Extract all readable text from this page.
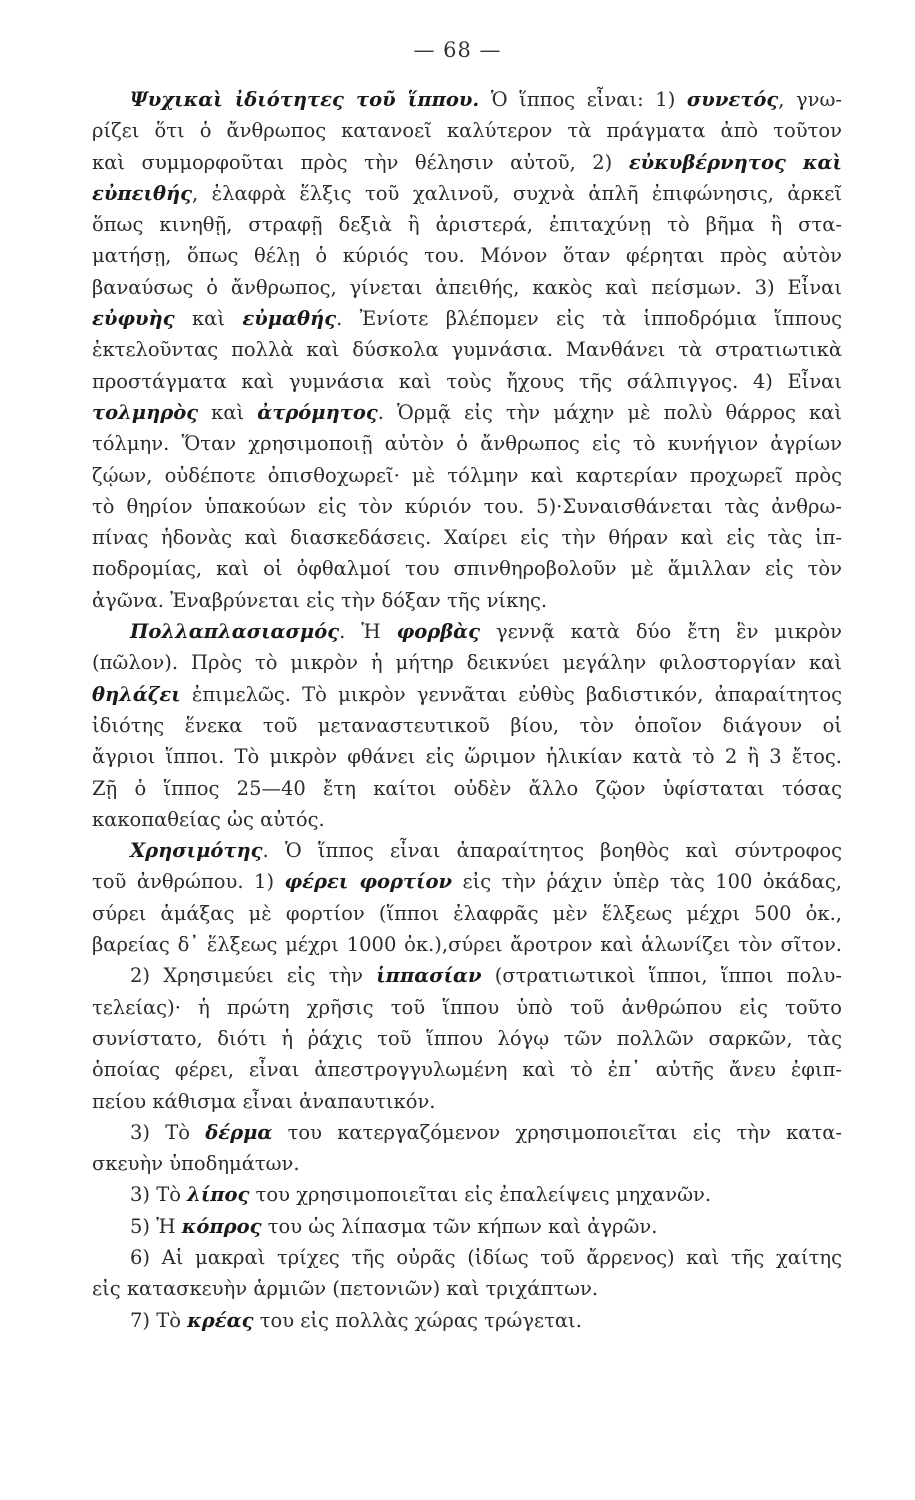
— 68 —
Ψυχικαὶ ἰδιότητες τοῦ ἵππου. Ὁ ἵππος εἶναι: 1) συνετός, γνω-
ρίζει ὅτι ὁ ἄνθρωπος κατανοεῖ καλύτερον τὰ πράγματα ἀπὸ τοῦτον
καὶ συμμορφοῦται πρὸς τὴν θέλησιν αὐτοῦ, 2) εὐκυβέρνητος καὶ
εὐπειθής, ἐλαφρὰ ἕλξις τοῦ χαλινοῦ, συχνὰ ἁπλῆ ἐπιφώνησις, ἀρκεῖ
ὅπως κινηθῇ, στραφῇ δεξιὰ ἢ ἀριστερά, ἐπιταχύνῃ τὸ βῆμα ἢ στα-
ματήσῃ, ὅπως θέλῃ ὁ κύριός του. Μόνον ὅταν φέρηται πρὸς αὐτὸν
βαναύσως ὁ ἄνθρωπος, γίνεται ἀπειθής, κακὸς καὶ πείσμων. 3) Εἶναι
εὐφυὴς καὶ εὐμαθής. Ἐνίοτε βλέπομεν εἰς τὰ ἱπποδρόμια ἵππους
ἐκτελοῦντας πολλὰ καὶ δύσκολα γυμνάσια. Μανθάνει τὰ στρατιωτικὰ
προστάγματα καὶ γυμνάσια καὶ τοὺς ἤχους τῆς σάλπιγγος. 4) Εἶναι
τολμηρὸς καὶ ἀτρόμητος. Ὁρμᾷ εἰς τὴν μάχην μὲ πολὺ θάρρος καὶ
τόλμην. Ὅταν χρησιμοποιῇ αὐτὸν ὁ ἄνθρωπος εἰς τὸ κυνήγιον ἀγρίων
ζῴων, οὐδέποτε ὀπισθοχωρεῖ· μὲ τόλμην καὶ καρτερίαν προχωρεῖ πρὸς
τὸ θηρίον ὑπακούων εἰς τὸν κύριόν του. 5)·Συναισθάνεται τὰς ἀνθρω-
πίνας ἡδονὰς καὶ διασκεδάσεις. Χαίρει εἰς τὴν θήραν καὶ εἰς τὰς ἱπ-
ποδρομίας, καὶ οἱ ὀφθαλμοί του σπινθηροβολοῦν μὲ ἅμιλλαν εἰς τὸν
ἀγῶνα. Ἐναβρύνεται εἰς τὴν δόξαν τῆς νίκης.
Πολλαπλασιασμός. Ἡ φορβὰς γεννᾷ κατὰ δύο ἔτη ἓν μικρὸν
(πῶλον). Πρὸς τὸ μικρὸν ἡ μήτηρ δεικνύει μεγάλην φιλοστοργίαν καὶ
θηλάζει ἐπιμελῶς. Τὸ μικρὸν γεννᾶται εὐθὺς βαδιστικόν, ἀπαραίτητος
ἰδιότης ἕνεκα τοῦ μεταναστευτικοῦ βίου, τὸν ὁποῖον διάγουν οἱ
ἄγριοι ἵπποι. Τὸ μικρὸν φθάνει εἰς ὥριμον ἡλικίαν κατὰ τὸ 2 ἢ 3 ἔτος.
Ζῇ ὁ ἵππος 25—40 ἔτη καίτοι οὐδὲν ἄλλο ζῷον ὑφίσταται τόσας
κακοπαθείας ὡς αὐτός.
Χρησιμότης. Ὁ ἵππος εἶναι ἀπαραίτητος βοηθὸς καὶ σύντροφος
τοῦ ἀνθρώπου. 1) φέρει φορτίον εἰς τὴν ῥάχιν ὑπὲρ τὰς 100 ὀκάδας,
σύρει ἁμάξας μὲ φορτίον (ἵπποι ἐλαφρᾶς μὲν ἕλξεως μέχρι 500 ὀκ.,
βαρείας δ᾽ ἕλξεως μέχρι 1000 ὀκ.),σύρει ἄροτρον καὶ ἁλωνίζει τὸν σῖτον.
2) Χρησιμεύει εἰς τὴν ἱππασίαν (στρατιωτικοὶ ἵπποι, ἵπποι πολυ-
τελείας)· ἡ πρώτη χρῆσις τοῦ ἵππου ὑπὸ τοῦ ἀνθρώπου εἰς τοῦτο
συνίστατο, διότι ἡ ῥάχις τοῦ ἵππου λόγῳ τῶν πολλῶν σαρκῶν, τὰς
ὁποίας φέρει, εἶναι ἀπεστρογγυλωμένη καὶ τὸ ἐπ᾽ αὐτῆς ἄνευ ἐφιπ-
πείου κάθισμα εἶναι ἀναπαυτικόν.
3) Τὸ δέρμα του κατεργαζόμενον χρησιμοποιεῖται εἰς τὴν κατα-
σκευὴν ὑποδημάτων.
3) Τὸ λίπος του χρησιμοποιεῖται εἰς ἐπαλείψεις μηχανῶν.
5) Ἡ κόπρος του ὡς λίπασμα τῶν κήπων καὶ ἀγρῶν.
6) Αἱ μακραὶ τρίχες τῆς οὐρᾶς (ἰδίως τοῦ ἄρρενος) καὶ τῆς χαίτης
εἰς κατασκευὴν ἁρμιῶν (πετονιῶν) καὶ τριχάπτων.
7) Τὸ κρέας του εἰς πολλὰς χώρας τρώγεται.
